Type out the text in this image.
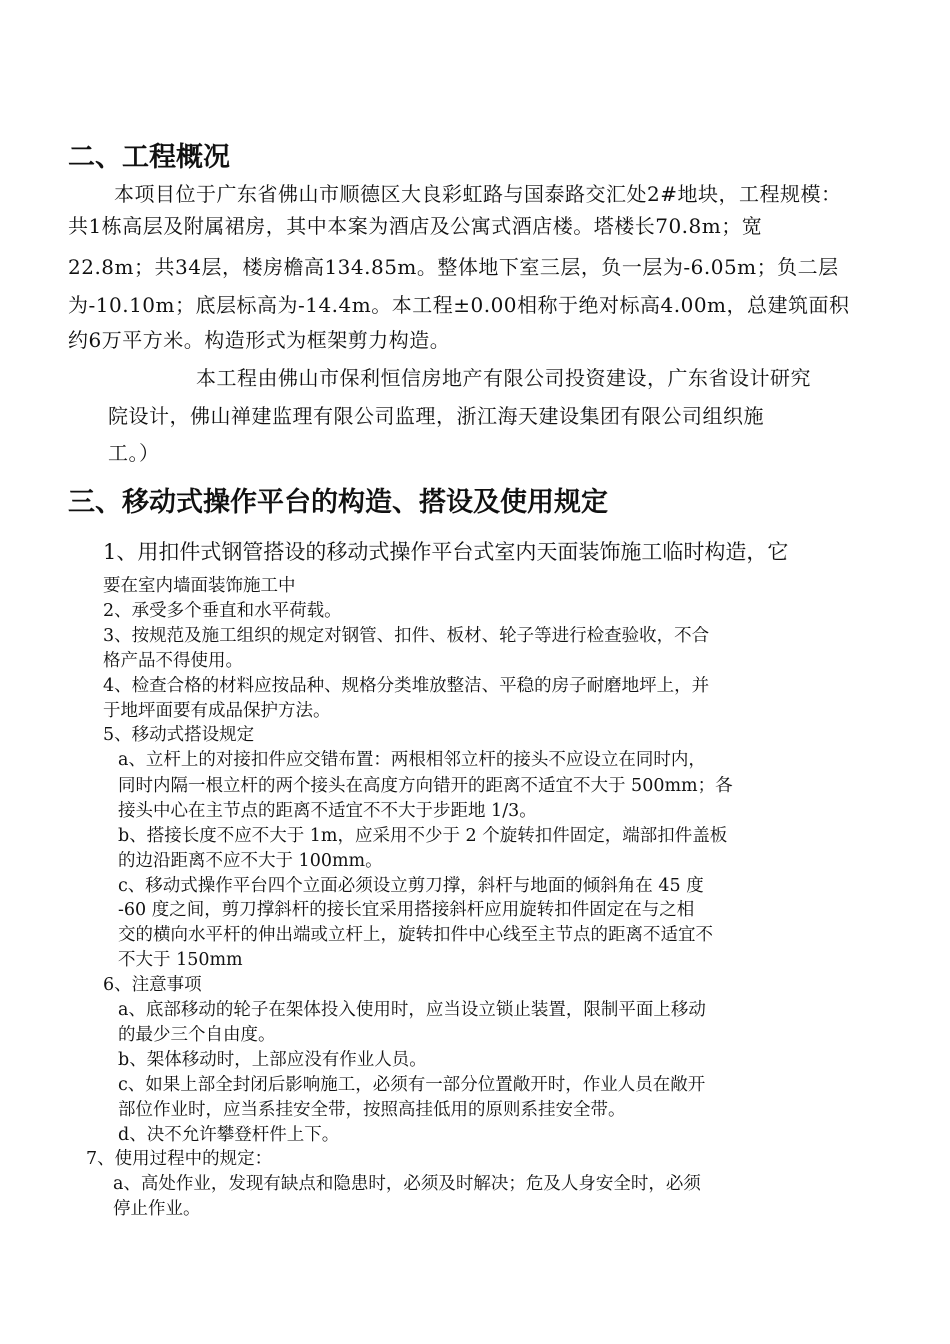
二、工程概况

本项目位于广东省佛山市顺德区大良彩虹路与国泰路交汇处2#地块，工程规模：

共1栋高层及附属裙房，其中本案为酒店及公寓式酒店楼。塔楼长70.8m；宽

22.8m；共34层，楼房檐高134.85m。整体地下室三层，负一层为-6.05m；负二层

为-10.10m；底层标高为-14.4m。本工程±0.00相称于绝对标高4.00m，总建筑面积

约6万平方米。构造形式为框架剪力构造。

本工程由佛山市保利恒信房地产有限公司投资建设，广东省设计研究

院设计，佛山禅建监理有限公司监理，浙江海天建设集团有限公司组织施

工。）

三、移动式操作平台的构造、搭设及使用规定

1、用扣件式钢管搭设的移动式操作平台式室内天面装饰施工临时构造，它

要在室内墙面装饰施工中

2、承受多个垂直和水平荷载。

3、按规范及施工组织的规定对钢管、扣件、板材、轮子等进行检查验收，不合

格产品不得使用。

4、检查合格的材料应按品种、规格分类堆放整洁、平稳的房子耐磨地坪上，并

于地坪面要有成品保护方法。

5、移动式搭设规定

a、立杆上的对接扣件应交错布置：两根相邻立杆的接头不应设立在同时内，

同时内隔一根立杆的两个接头在高度方向错开的距离不适宜不大于 500mm；各

接头中心在主节点的距离不适宜不不大于步距地 1/3。

b、搭接长度不应不大于 1m，应采用不少于 2 个旋转扣件固定，端部扣件盖板

的边沿距离不应不大于 100mm。

c、移动式操作平台四个立面必须设立剪刀撑，斜杆与地面的倾斜角在 45 度

-60 度之间，剪刀撑斜杆的接长宜采用搭接斜杆应用旋转扣件固定在与之相

交的横向水平杆的伸出端或立杆上，旋转扣件中心线至主节点的距离不适宜不

不大于 150mm

6、注意事项

a、底部移动的轮子在架体投入使用时，应当设立锁止装置，限制平面上移动

的最少三个自由度。

b、架体移动时，上部应没有作业人员。

c、如果上部全封闭后影响施工，必须有一部分位置敞开时，作业人员在敞开

部位作业时，应当系挂安全带，按照高挂低用的原则系挂安全带。

d、决不允许攀登杆件上下。

7、使用过程中的规定：

a、高处作业，发现有缺点和隐患时，必须及时解决；危及人身安全时，必须

停止作业。
